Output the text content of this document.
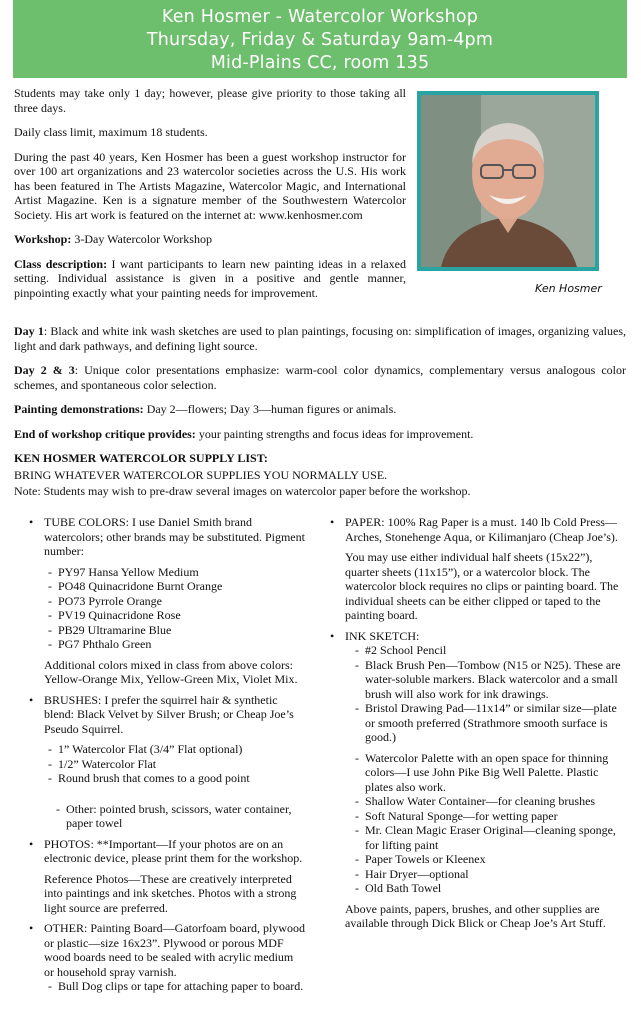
Ken Hosmer - Watercolor Workshop
Thursday, Friday & Saturday 9am-4pm
Mid-Plains CC, room 135

Students may take only 1 day; however, please give priority to those taking all three days.

Daily class limit, maximum 18 students.

During the past 40 years, Ken Hosmer has been a guest workshop instructor for over 100 art organizations and 23 watercolor societies across the U.S. His work has been featured in The Artists Magazine, Watercolor Magic, and International Artist Magazine. Ken is a signature member of the Southwestern Watercolor Society. His art work is featured on the internet at: www.kenhosmer.com

Workshop: 3-Day Watercolor Workshop

Class description: I want participants to learn new painting ideas in a relaxed setting. Individual assistance is given in a positive and gentle manner, pinpointing exactly what your painting needs for improvement.	Ken Hosmer

Day 1: Black and white ink wash sketches are used to plan paintings, focusing on: simplification of images, organizing values, light and dark pathways, and defining light source.

Day 2 & 3: Unique color presentations emphasize: warm-cool color dynamics, complementary versus analogous color schemes, and spontaneous color selection.

Painting demonstrations: Day 2—flowers; Day 3—human figures or animals.

End of workshop critique provides: your painting strengths and focus ideas for improvement.

KEN HOSMER WATERCOLOR SUPPLY LIST:

BRING WHATEVER WATERCOLOR SUPPLIES YOU NORMALLY USE.

Note: Students may wish to pre-draw several images on watercolor paper before the workshop.

• TUBE COLORS: I use Daniel Smith brand watercolors; other brands may be substituted. Pigment number:

- PY97 Hansa Yellow Medium
- PO48 Quinacridone Burnt Orange
- PO73 Pyrrole Orange
- PV19 Quinacridone Rose
- PB29 Ultramarine Blue
- PG7 Phthalo Green

Additional colors mixed in class from above colors: Yellow-Orange Mix, Yellow-Green Mix, Violet Mix.

• BRUSHES: I prefer the squirrel hair & synthetic blend: Black Velvet by Silver Brush; or Cheap Joe’s Pseudo Squirrel.

- 1” Watercolor Flat (3/4” Flat optional)
- 1/2” Watercolor Flat
- Round brush that comes to a good point
- Other: pointed brush, scissors, water container, paper towel
• PHOTOS: **Important—If your photos are on an electronic device, please print them for the workshop.

Reference Photos—These are creatively interpreted into paintings and ink sketches. Photos with a strong light source are preferred.

• OTHER: Painting Board—Gatorfoam board, plywood or plastic—size 16x23”. Plywood or porous MDF wood boards need to be sealed with acrylic medium or household spray varnish.

- Bull Dog clips or tape for attaching paper to board.
• PAPER: 100% Rag Paper is a must. 140 lb Cold Press—Arches, Stonehenge Aqua, or Kilimanjaro (Cheap Joe’s).

You may use either individual half sheets (15x22”), quarter sheets (11x15”), or a watercolor block. The watercolor block requires no clips or painting board. The individual sheets can be either clipped or taped to the painting board.

• INK SKETCH:

- #2 School Pencil
- Black Brush Pen—Tombow (N15 or N25). These are water-soluble markers. Black watercolor and a small brush will also work for ink drawings.
- Bristol Drawing Pad—11x14” or similar size—plate or smooth preferred (Strathmore smooth surface is good.)
- Watercolor Palette with an open space for thinning colors—I use John Pike Big Well Palette. Plastic plates also work.
- Shallow Water Container—for cleaning brushes
- Soft Natural Sponge—for wetting paper
- Mr. Clean Magic Eraser Original—cleaning sponge, for lifting paint
- Paper Towels or Kleenex
- Hair Dryer—optional
- Old Bath Towel

Above paints, papers, brushes, and other supplies are available through Dick Blick or Cheap Joe’s Art Stuff.
